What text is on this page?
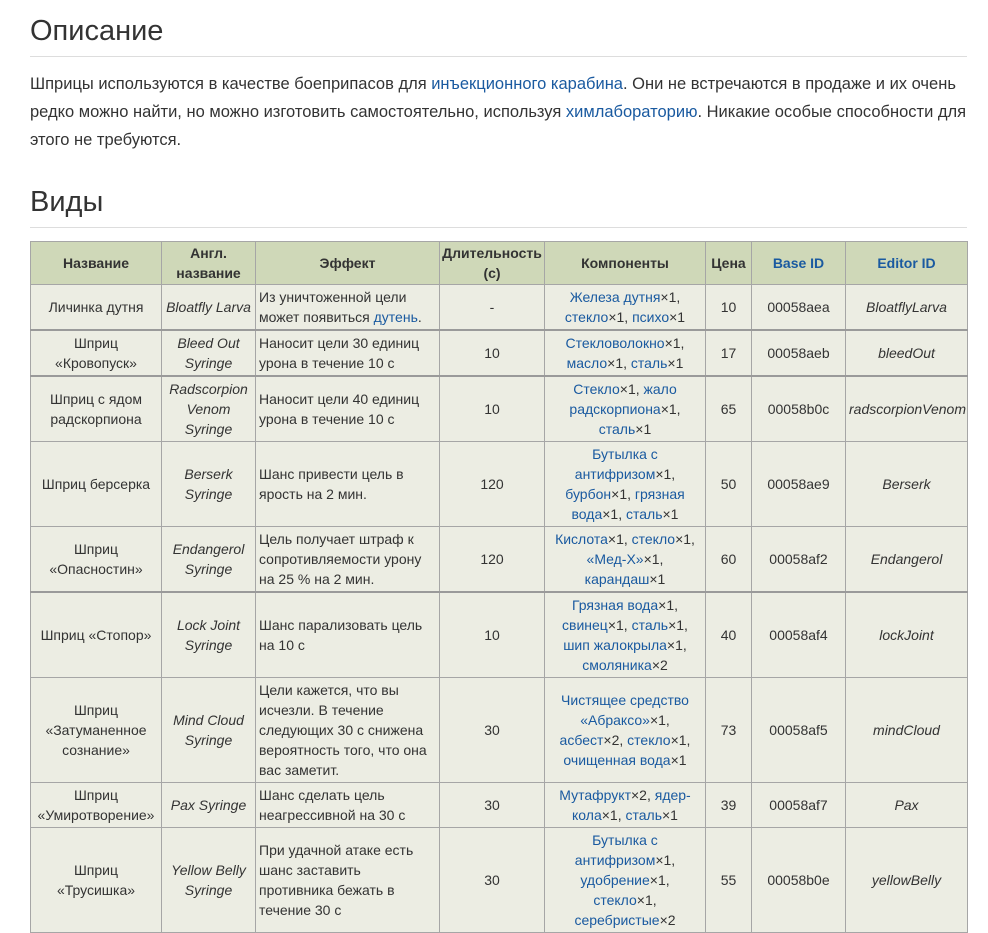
Описание

Шприцы используются в качестве боеприпасов для инъекционного карабина. Они не встречаются в продаже и их очень редко можно найти, но можно изготовить самостоятельно, используя химлабораторию. Никакие особые способности для этого не требуются.

Виды
Название	Англ. название	Эффект	Длительность (с)	Компоненты	Цена	Base ID	Editor ID
Личинка дутня	Bloatfly Larva	Из уничтоженной цели может появиться дутень.	-	Железа дутня×1, стекло×1, психо×1	10	00058aea	BloatflyLarva
Шприц «Кровопуск»	Bleed Out Syringe	Наносит цели 30 единиц урона в течение 10 с	10	Стекловолокно×1, масло×1, сталь×1	17	00058aeb	bleedOut
Шприц с ядом радскорпиона	Radscorpion Venom Syringe	Наносит цели 40 единиц урона в течение 10 с	10	Стекло×1, жало радскорпиона×1, сталь×1	65	00058b0c	radscorpionVenom
Шприц берсерка	Berserk Syringe	Шанс привести цель в ярость на 2 мин.	120	Бутылка с антифризом×1, бурбон×1, грязная вода×1, сталь×1	50	00058ae9	Berserk
Шприц «Опасностин»	Endangerol Syringe	Цель получает штраф к сопротивляемости урону на 25 % на 2 мин.	120	Кислота×1, стекло×1, «Мед-Х»×1, карандаш×1	60	00058af2	Endangerol
Шприц «Стопор»	Lock Joint Syringe	Шанс парализовать цель на 10 с	10	Грязная вода×1, свинец×1, сталь×1, шип жалокрыла×1, смоляника×2	40	00058af4	lockJoint
Шприц «Затуманенное сознание»	Mind Cloud Syringe	Цели кажется, что вы исчезли. В течение следующих 30 с снижена вероятность того, что она вас заметит.	30	Чистящее средство «Абраксо»×1, асбест×2, стекло×1, очищенная вода×1	73	00058af5	mindCloud
Шприц «Умиротворение»	Pax Syringe	Шанс сделать цель неагрессивной на 30 с	30	Мутафрукт×2, ядер-кола×1, сталь×1	39	00058af7	Pax
Шприц «Трусишка»	Yellow Belly Syringe	При удачной атаке есть шанс заставить противника бежать в течение 30 с	30	Бутылка с антифризом×1, удобрение×1, стекло×1, серебристые×2	55	00058b0e	yellowBelly
